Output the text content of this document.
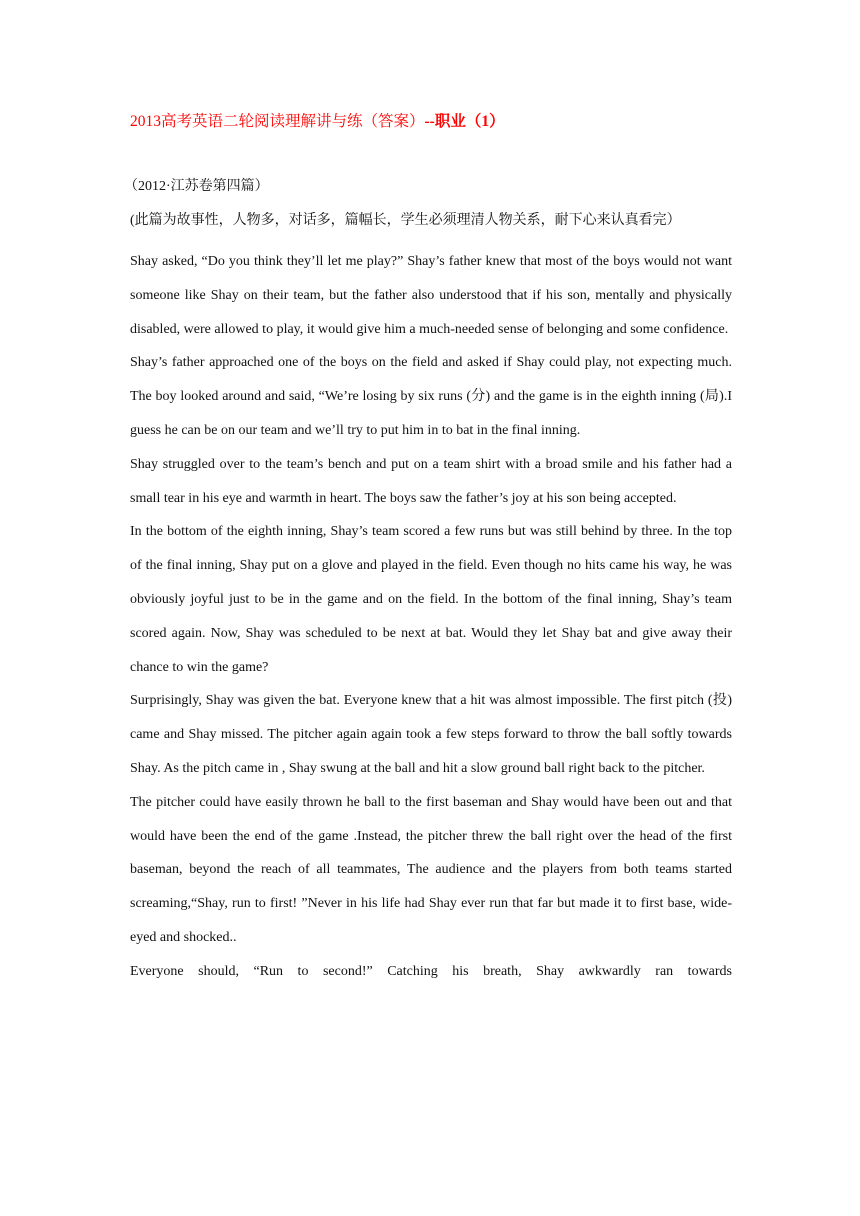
2013高考英语二轮阅读理解讲与练（答案）--职业（1）
（2012·江苏卷第四篇）
(此篇为故事性，人物多，对话多，篇幅长，学生必须理清人物关系，耐下心来认真看完）

Shay asked, “Do you think they’ll let me play?” Shay’s father knew that most of the boys would not want someone like Shay on their team, but the father also understood that if his son, mentally and physically disabled, were allowed to play, it would give him a much-needed sense of belonging and some confidence.

Shay’s father approached one of the boys on the field and asked if Shay could play, not expecting much. The boy looked around and said, “We’re losing by six runs (分) and the game is in the eighth inning (局).I guess he can be on our team and we’ll try to put him in to bat in the final inning.

Shay struggled over to the team’s bench and put on a team shirt with a broad smile and his father had a small tear in his eye and warmth in heart. The boys saw the father’s joy at his son being accepted.

In the bottom of the eighth inning, Shay’s team scored a few runs but was still behind by three. In the top of the final inning, Shay put on a glove and played in the field. Even though no hits came his way, he was obviously joyful just to be in the game and on the field. In the bottom of the final inning, Shay’s team scored again. Now, Shay was scheduled to be next at bat. Would they let Shay bat and give away their chance to win the game?

Surprisingly, Shay was given the bat. Everyone knew that a hit was almost impossible. The first pitch (投) came and Shay missed. The pitcher again again took a few steps forward to throw the ball softly towards Shay. As the pitch came in , Shay swung at the ball and hit a slow ground ball right back to the pitcher.

The pitcher could have easily thrown he ball to the first baseman and Shay would have been out and that would have been the end of the game .Instead, the pitcher threw the ball right over the head of the first baseman, beyond the reach of all teammates, The audience and the players from both teams started screaming,“Shay, run to first! ”Never in his life had Shay ever run that far but made it to first base, wide-eyed and shocked..

Everyone should, “Run to second!” Catching his breath, Shay awkwardly ran towards
